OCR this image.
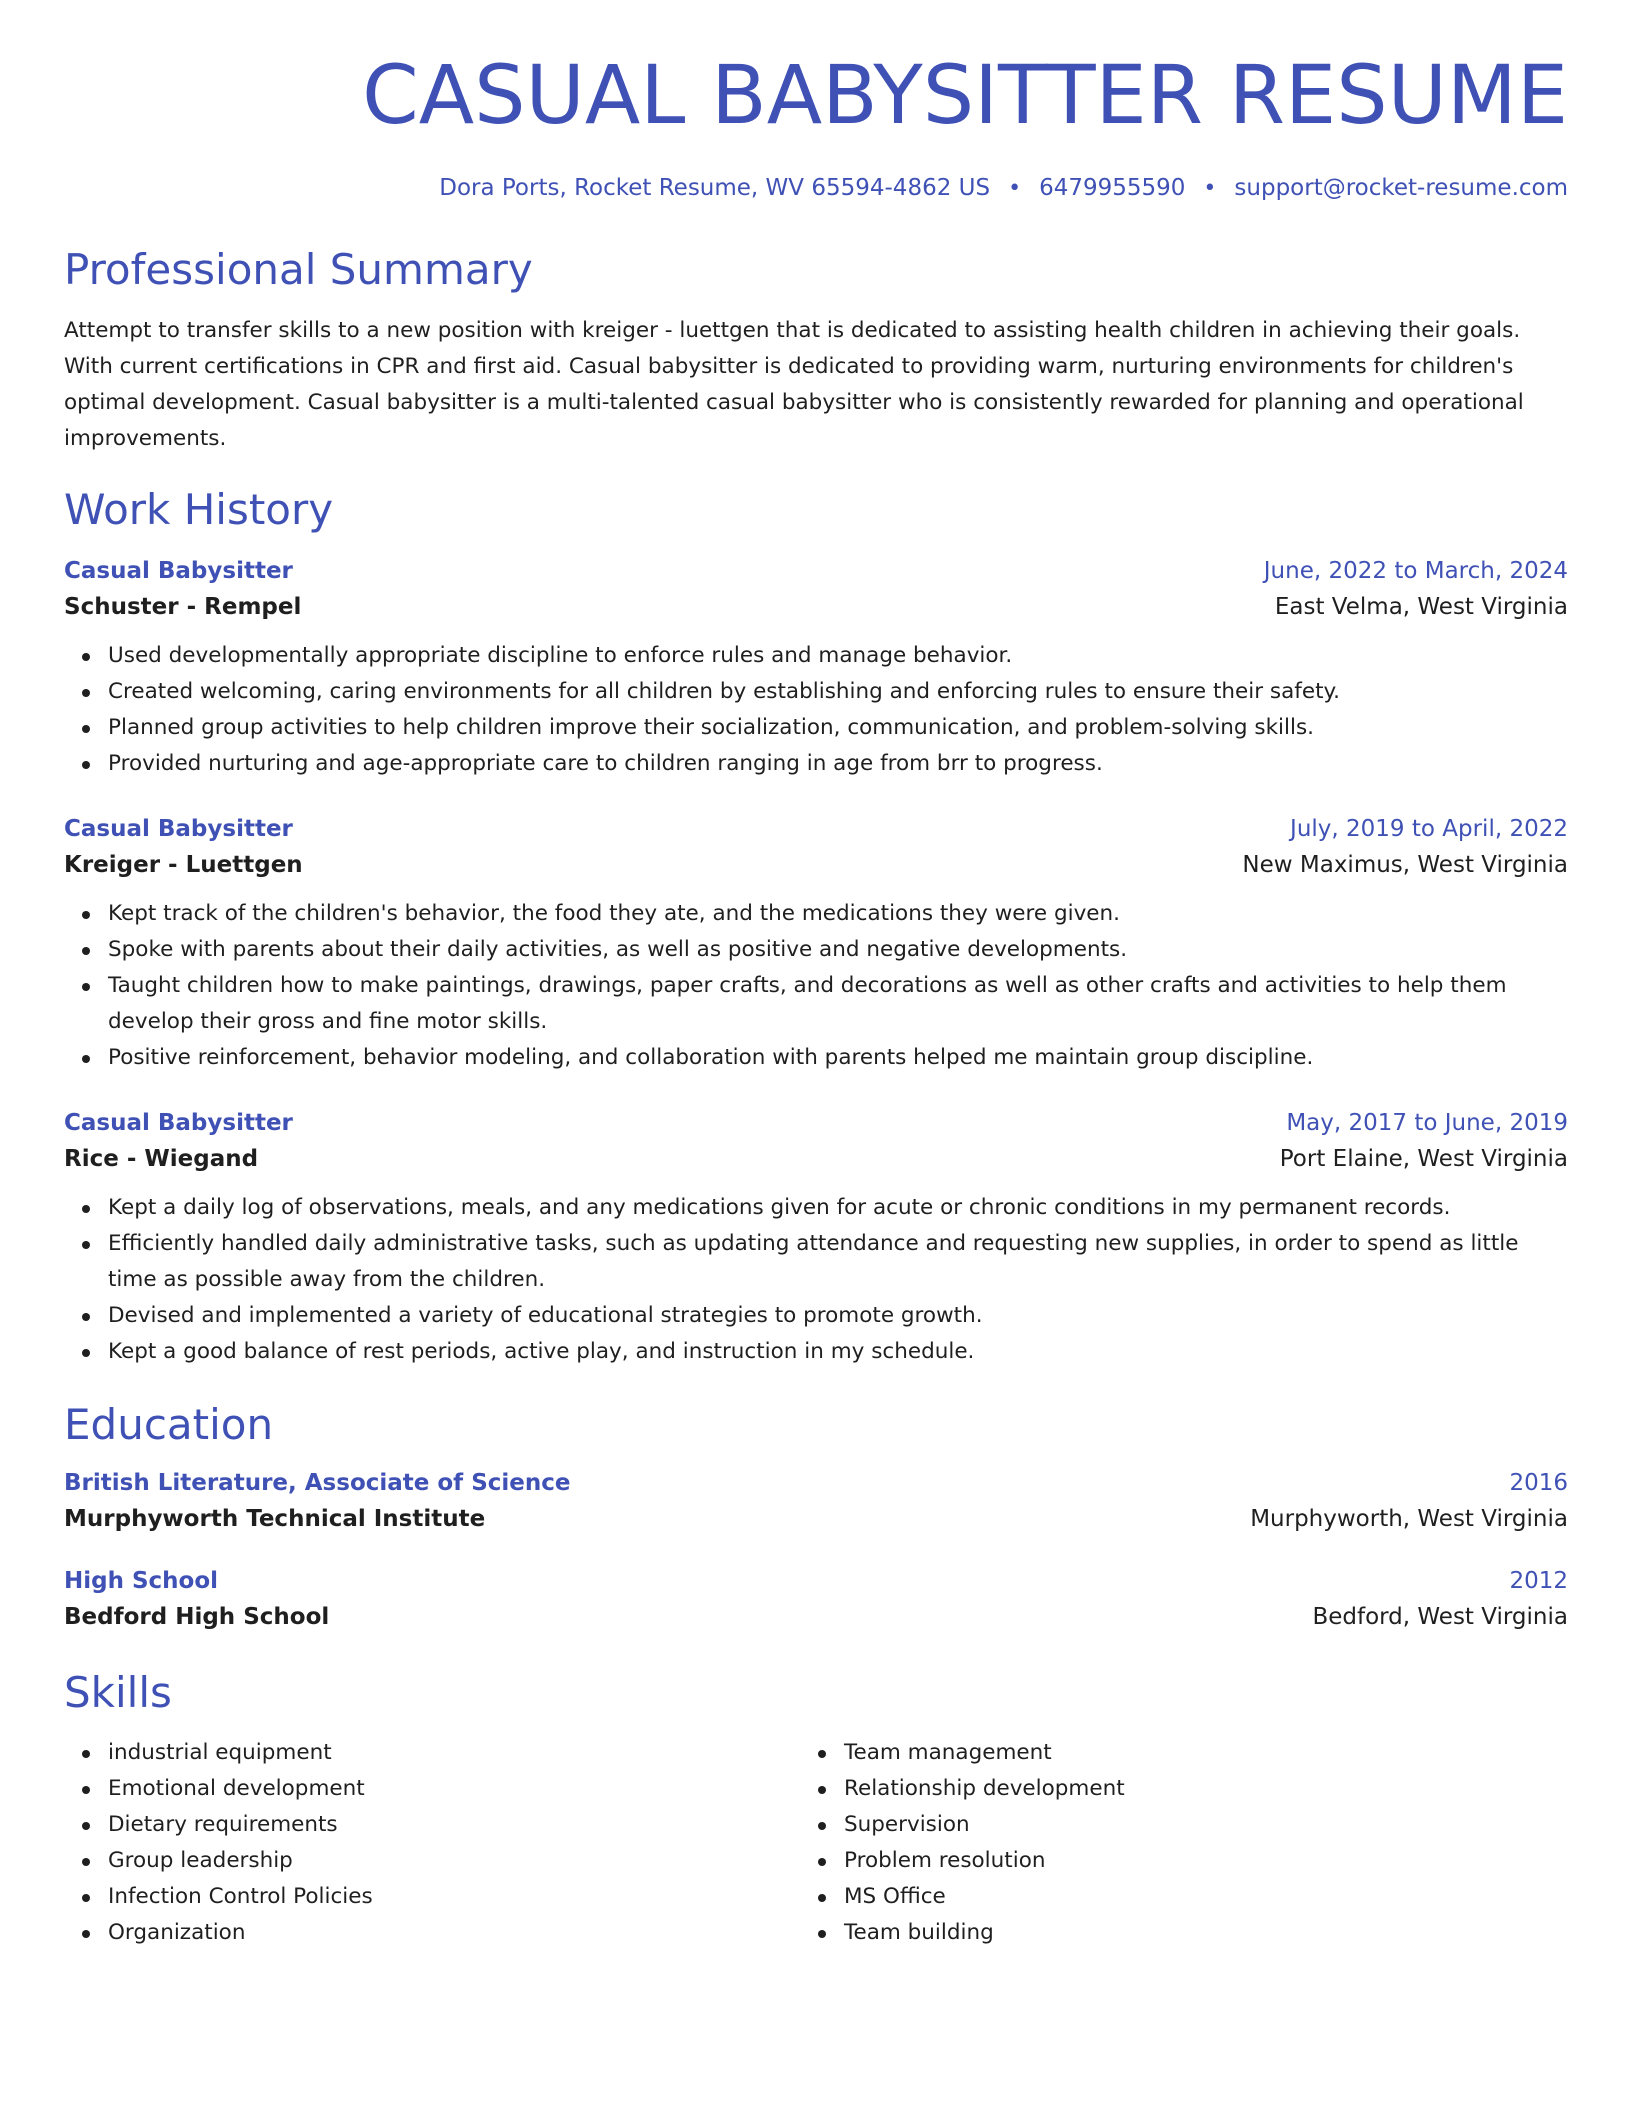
CASUAL BABYSITTER RESUME
Dora Ports, Rocket Resume, WV 65594-4862 US • 6479955590 • support@rocket-resume.com
Professional Summary
Attempt to transfer skills to a new position with kreiger - luettgen that is dedicated to assisting health children in achieving their goals. With current certifications in CPR and first aid. Casual babysitter is dedicated to providing warm, nurturing environments for children's optimal development. Casual babysitter is a multi-talented casual babysitter who is consistently rewarded for planning and operational improvements.
Work History
Casual Babysitter	June, 2022 to March, 2024
Schuster - Rempel	East Velma, West Virginia
Used developmentally appropriate discipline to enforce rules and manage behavior.
Created welcoming, caring environments for all children by establishing and enforcing rules to ensure their safety.
Planned group activities to help children improve their socialization, communication, and problem-solving skills.
Provided nurturing and age-appropriate care to children ranging in age from brr to progress.
Casual Babysitter	July, 2019 to April, 2022
Kreiger - Luettgen	New Maximus, West Virginia
Kept track of the children's behavior, the food they ate, and the medications they were given.
Spoke with parents about their daily activities, as well as positive and negative developments.
Taught children how to make paintings, drawings, paper crafts, and decorations as well as other crafts and activities to help them develop their gross and fine motor skills.
Positive reinforcement, behavior modeling, and collaboration with parents helped me maintain group discipline.
Casual Babysitter	May, 2017 to June, 2019
Rice - Wiegand	Port Elaine, West Virginia
Kept a daily log of observations, meals, and any medications given for acute or chronic conditions in my permanent records.
Efficiently handled daily administrative tasks, such as updating attendance and requesting new supplies, in order to spend as little time as possible away from the children.
Devised and implemented a variety of educational strategies to promote growth.
Kept a good balance of rest periods, active play, and instruction in my schedule.
Education
British Literature, Associate of Science	2016
Murphyworth Technical Institute	Murphyworth, West Virginia
High School	2012
Bedford High School	Bedford, West Virginia
Skills
industrial equipment
Emotional development
Dietary requirements
Group leadership
Infection Control Policies
Organization
Team management
Relationship development
Supervision
Problem resolution
MS Office
Team building
